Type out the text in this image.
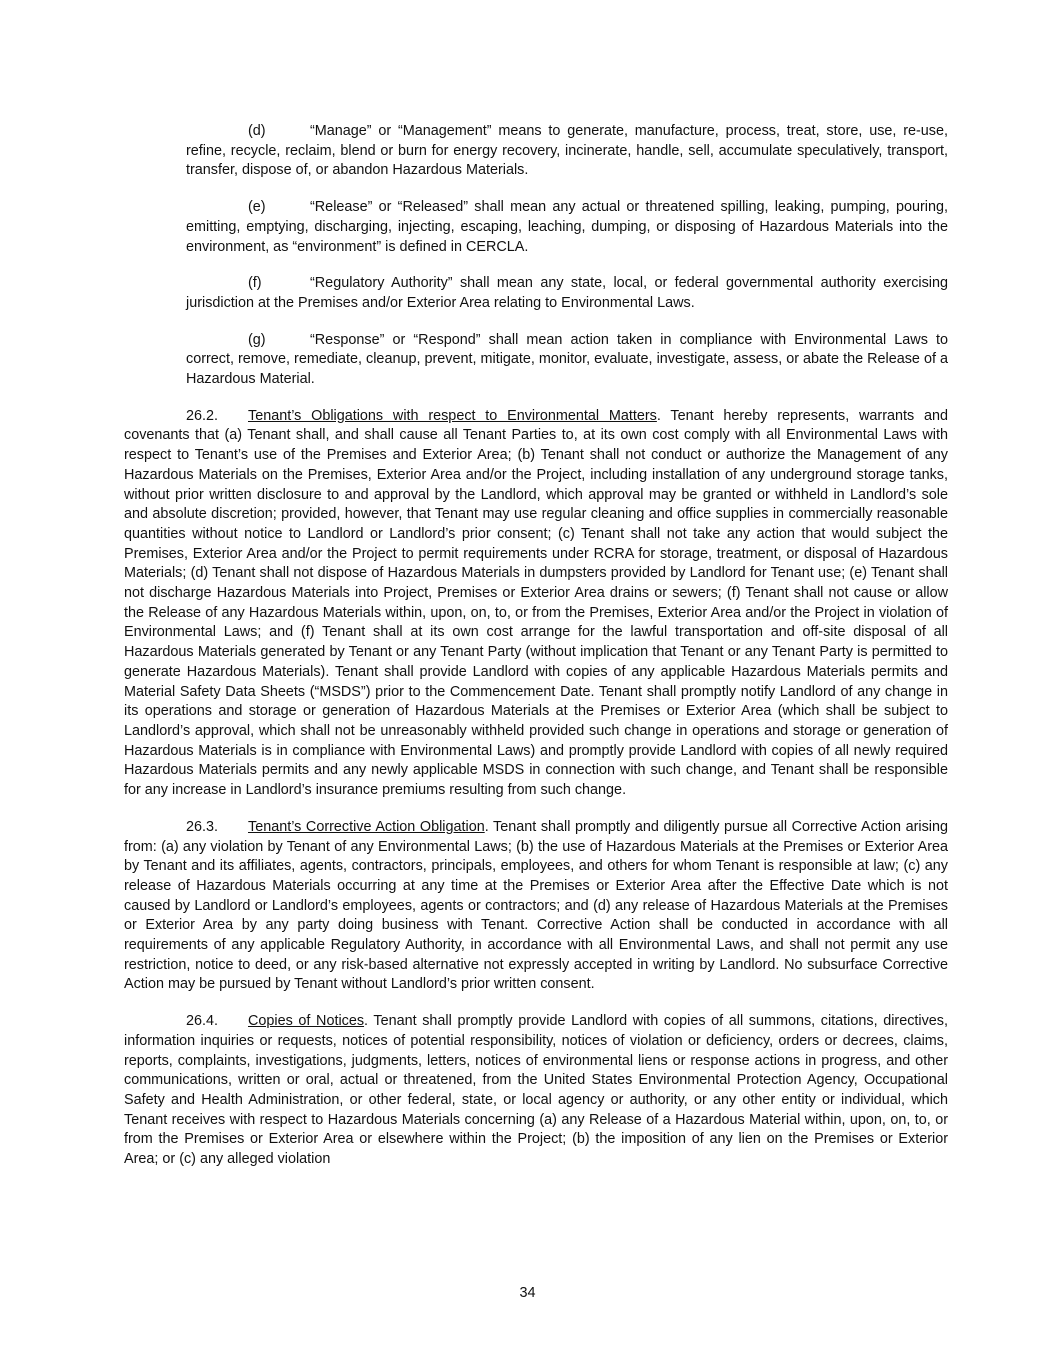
(d)	“Manage” or “Management” means to generate, manufacture, process, treat, store, use, re-use, refine, recycle, reclaim, blend or burn for energy recovery, incinerate, handle, sell, accumulate speculatively, transport, transfer, dispose of, or abandon Hazardous Materials.

(e)	“Release” or “Released” shall mean any actual or threatened spilling, leaking, pumping, pouring, emitting, emptying, discharging, injecting, escaping, leaching, dumping, or disposing of Hazardous Materials into the environment, as “environment” is defined in CERCLA.

(f)	“Regulatory Authority” shall mean any state, local, or federal governmental authority exercising jurisdiction at the Premises and/or Exterior Area relating to Environmental Laws.

(g)	“Response” or “Respond” shall mean action taken in compliance with Environmental Laws to correct, remove, remediate, cleanup, prevent, mitigate, monitor, evaluate, investigate, assess, or abate the Release of a Hazardous Material.

26.2. Tenant’s Obligations with respect to Environmental Matters. Tenant hereby represents, warrants and covenants that (a) Tenant shall, and shall cause all Tenant Parties to, at its own cost comply with all Environmental Laws with respect to Tenant’s use of the Premises and Exterior Area; (b) Tenant shall not conduct or authorize the Management of any Hazardous Materials on the Premises, Exterior Area and/or the Project, including installation of any underground storage tanks, without prior written disclosure to and approval by the Landlord, which approval may be granted or withheld in Landlord’s sole and absolute discretion; provided, however, that Tenant may use regular cleaning and office supplies in commercially reasonable quantities without notice to Landlord or Landlord’s prior consent; (c) Tenant shall not take any action that would subject the Premises, Exterior Area and/or the Project to permit requirements under RCRA for storage, treatment, or disposal of Hazardous Materials; (d) Tenant shall not dispose of Hazardous Materials in dumpsters provided by Landlord for Tenant use; (e) Tenant shall not discharge Hazardous Materials into Project, Premises or Exterior Area drains or sewers; (f) Tenant shall not cause or allow the Release of any Hazardous Materials within, upon, on, to, or from the Premises, Exterior Area and/or the Project in violation of Environmental Laws; and (f) Tenant shall at its own cost arrange for the lawful transportation and off-site disposal of all Hazardous Materials generated by Tenant or any Tenant Party (without implication that Tenant or any Tenant Party is permitted to generate Hazardous Materials). Tenant shall provide Landlord with copies of any applicable Hazardous Materials permits and Material Safety Data Sheets (“MSDS”) prior to the Commencement Date. Tenant shall promptly notify Landlord of any change in its operations and storage or generation of Hazardous Materials at the Premises or Exterior Area (which shall be subject to Landlord’s approval, which shall not be unreasonably withheld provided such change in operations and storage or generation of Hazardous Materials is in compliance with Environmental Laws) and promptly provide Landlord with copies of all newly required Hazardous Materials permits and any newly applicable MSDS in connection with such change, and Tenant shall be responsible for any increase in Landlord’s insurance premiums resulting from such change.

26.3. Tenant’s Corrective Action Obligation. Tenant shall promptly and diligently pursue all Corrective Action arising from: (a) any violation by Tenant of any Environmental Laws; (b) the use of Hazardous Materials at the Premises or Exterior Area by Tenant and its affiliates, agents, contractors, principals, employees, and others for whom Tenant is responsible at law; (c) any release of Hazardous Materials occurring at any time at the Premises or Exterior Area after the Effective Date which is not caused by Landlord or Landlord’s employees, agents or contractors; and (d) any release of Hazardous Materials at the Premises or Exterior Area by any party doing business with Tenant. Corrective Action shall be conducted in accordance with all requirements of any applicable Regulatory Authority, in accordance with all Environmental Laws, and shall not permit any use restriction, notice to deed, or any risk-based alternative not expressly accepted in writing by Landlord. No subsurface Corrective Action may be pursued by Tenant without Landlord’s prior written consent.

26.4. Copies of Notices. Tenant shall promptly provide Landlord with copies of all summons, citations, directives, information inquiries or requests, notices of potential responsibility, notices of violation or deficiency, orders or decrees, claims, reports, complaints, investigations, judgments, letters, notices of environmental liens or response actions in progress, and other communications, written or oral, actual or threatened, from the United States Environmental Protection Agency, Occupational Safety and Health Administration, or other federal, state, or local agency or authority, or any other entity or individual, which Tenant receives with respect to Hazardous Materials concerning (a) any Release of a Hazardous Material within, upon, on, to, or from the Premises or Exterior Area or elsewhere within the Project; (b) the imposition of any lien on the Premises or Exterior Area; or (c) any alleged violation

34
